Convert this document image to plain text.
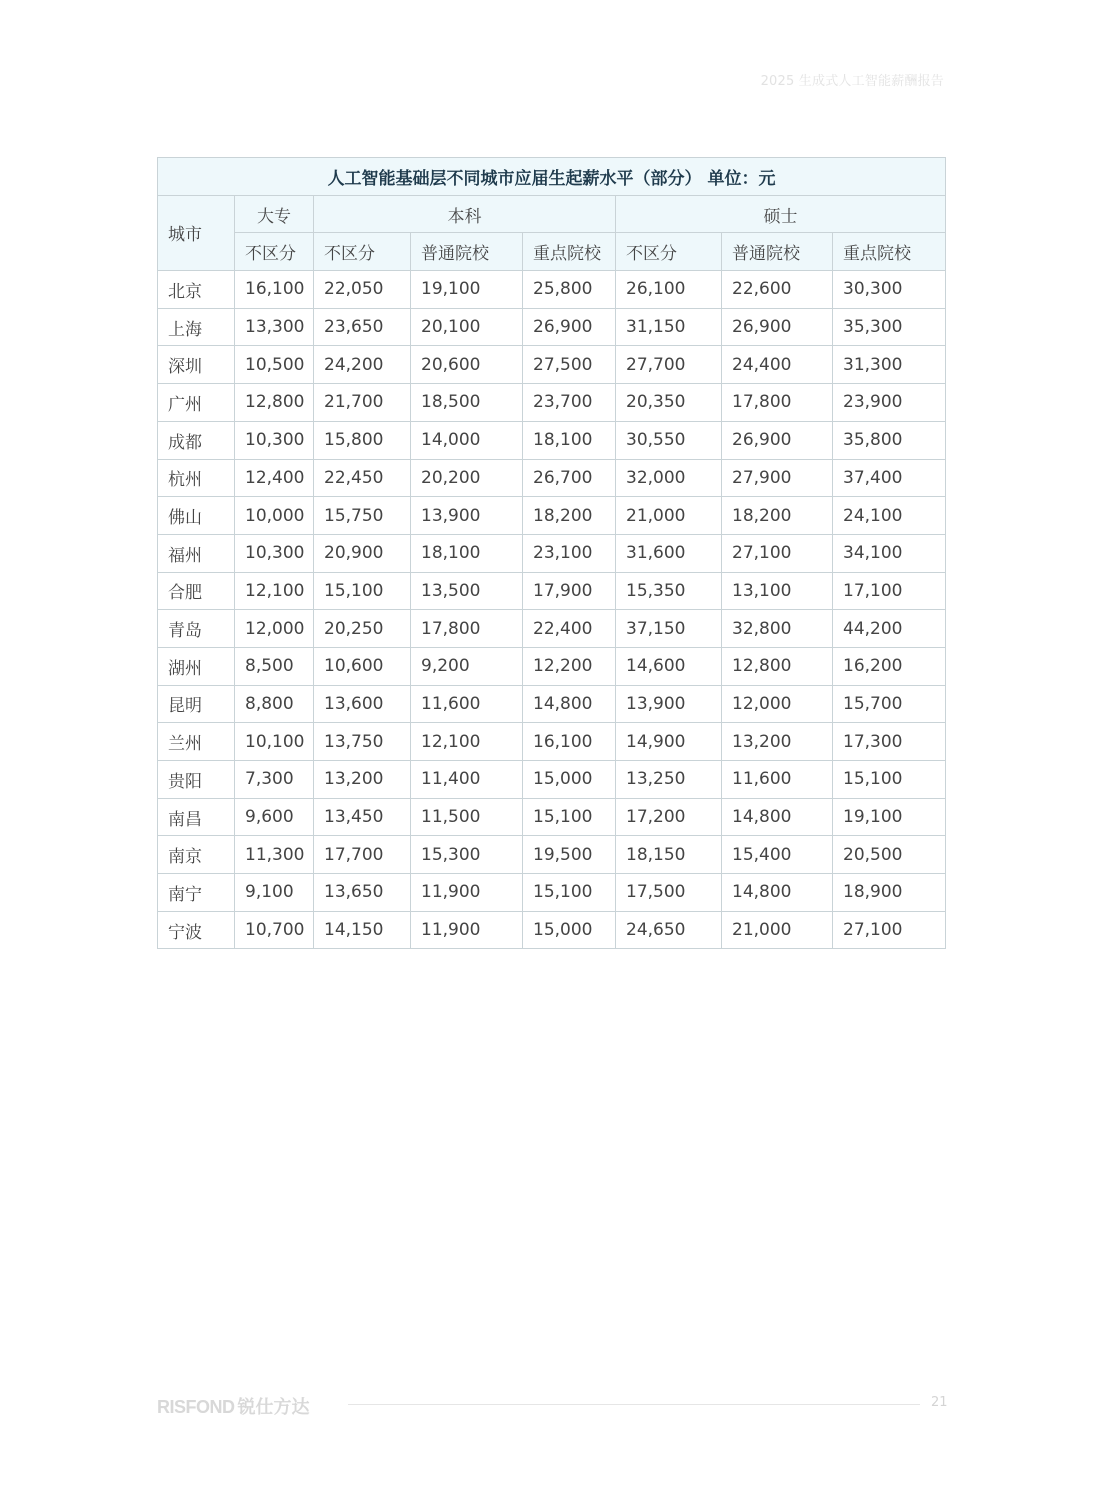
2025 生成式人工智能薪酬报告
人工智能基础层不同城市应届生起薪水平（部分） 单位：元							
城市	大专	本科			硕士		
	不区分	不区分	普通院校	重点院校	不区分	普通院校	重点院校
北京	16,100	22,050	19,100	25,800	26,100	22,600	30,300
上海	13,300	23,650	20,100	26,900	31,150	26,900	35,300
深圳	10,500	24,200	20,600	27,500	27,700	24,400	31,300
广州	12,800	21,700	18,500	23,700	20,350	17,800	23,900
成都	10,300	15,800	14,000	18,100	30,550	26,900	35,800
杭州	12,400	22,450	20,200	26,700	32,000	27,900	37,400
佛山	10,000	15,750	13,900	18,200	21,000	18,200	24,100
福州	10,300	20,900	18,100	23,100	31,600	27,100	34,100
合肥	12,100	15,100	13,500	17,900	15,350	13,100	17,100
青岛	12,000	20,250	17,800	22,400	37,150	32,800	44,200
湖州	8,500	10,600	9,200	12,200	14,600	12,800	16,200
昆明	8,800	13,600	11,600	14,800	13,900	12,000	15,700
兰州	10,100	13,750	12,100	16,100	14,900	13,200	17,300
贵阳	7,300	13,200	11,400	15,000	13,250	11,600	15,100
南昌	9,600	13,450	11,500	15,100	17,200	14,800	19,100
南京	11,300	17,700	15,300	19,500	18,150	15,400	20,500
南宁	9,100	13,650	11,900	15,100	17,500	14,800	18,900
宁波	10,700	14,150	11,900	15,000	24,650	21,000	27,100
RISFOND 锐仕方达	21
